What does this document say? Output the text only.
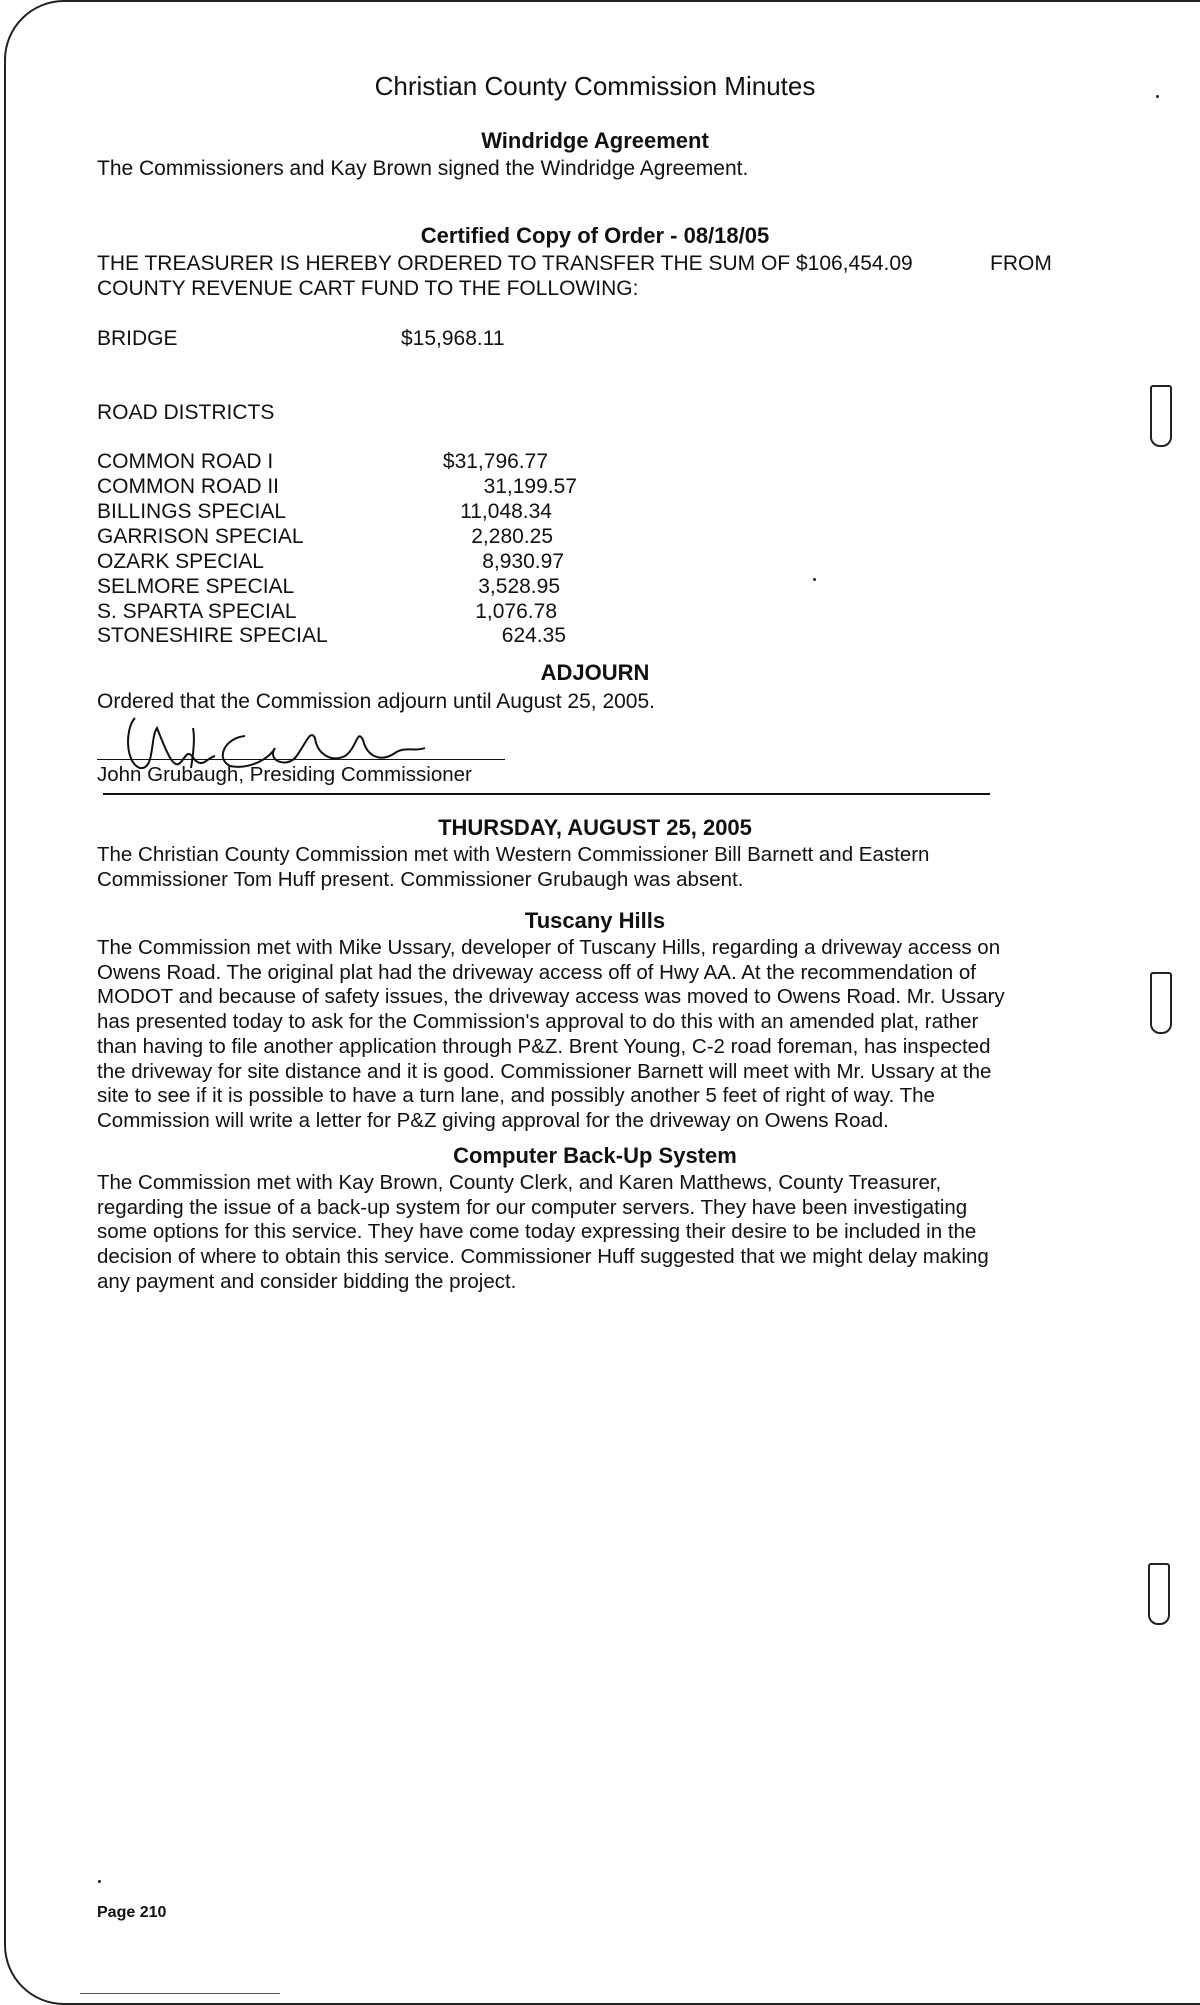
Christian County Commission Minutes
Windridge Agreement
The Commissioners and Kay Brown signed the Windridge Agreement.
Certified Copy of Order - 08/18/05
THE TREASURER IS HEREBY ORDERED TO TRANSFER THE SUM OF $106,454.09	FROM
COUNTY REVENUE CART FUND TO THE FOLLOWING:
BRIDGE	$15,968.11
ROAD DISTRICTS
COMMON ROAD I	$31,796.77
COMMON ROAD II	31,199.57
BILLINGS SPECIAL	11,048.34
GARRISON SPECIAL	2,280.25
OZARK SPECIAL	8,930.97
SELMORE SPECIAL	3,528.95
S. SPARTA SPECIAL	1,076.78
STONESHIRE SPECIAL	624.35
ADJOURN
Ordered that the Commission adjourn until August 25, 2005.
John Grubaugh, Presiding Commissioner
THURSDAY, AUGUST 25, 2005
The Christian County Commission met with Western Commissioner Bill Barnett and Eastern
Commissioner Tom Huff present. Commissioner Grubaugh was absent.
Tuscany Hills
The Commission met with Mike Ussary, developer of Tuscany Hills, regarding a driveway access on
Owens Road. The original plat had the driveway access off of Hwy AA. At the recommendation of
MODOT and because of safety issues, the driveway access was moved to Owens Road. Mr. Ussary
has presented today to ask for the Commission's approval to do this with an amended plat, rather
than having to file another application through P&Z. Brent Young, C-2 road foreman, has inspected
the driveway for site distance and it is good. Commissioner Barnett will meet with Mr. Ussary at the
site to see if it is possible to have a turn lane, and possibly another 5 feet of right of way. The
Commission will write a letter for P&Z giving approval for the driveway on Owens Road.
Computer Back-Up System
The Commission met with Kay Brown, County Clerk, and Karen Matthews, County Treasurer,
regarding the issue of a back-up system for our computer servers. They have been investigating
some options for this service. They have come today expressing their desire to be included in the
decision of where to obtain this service. Commissioner Huff suggested that we might delay making
any payment and consider bidding the project.
Page 210
